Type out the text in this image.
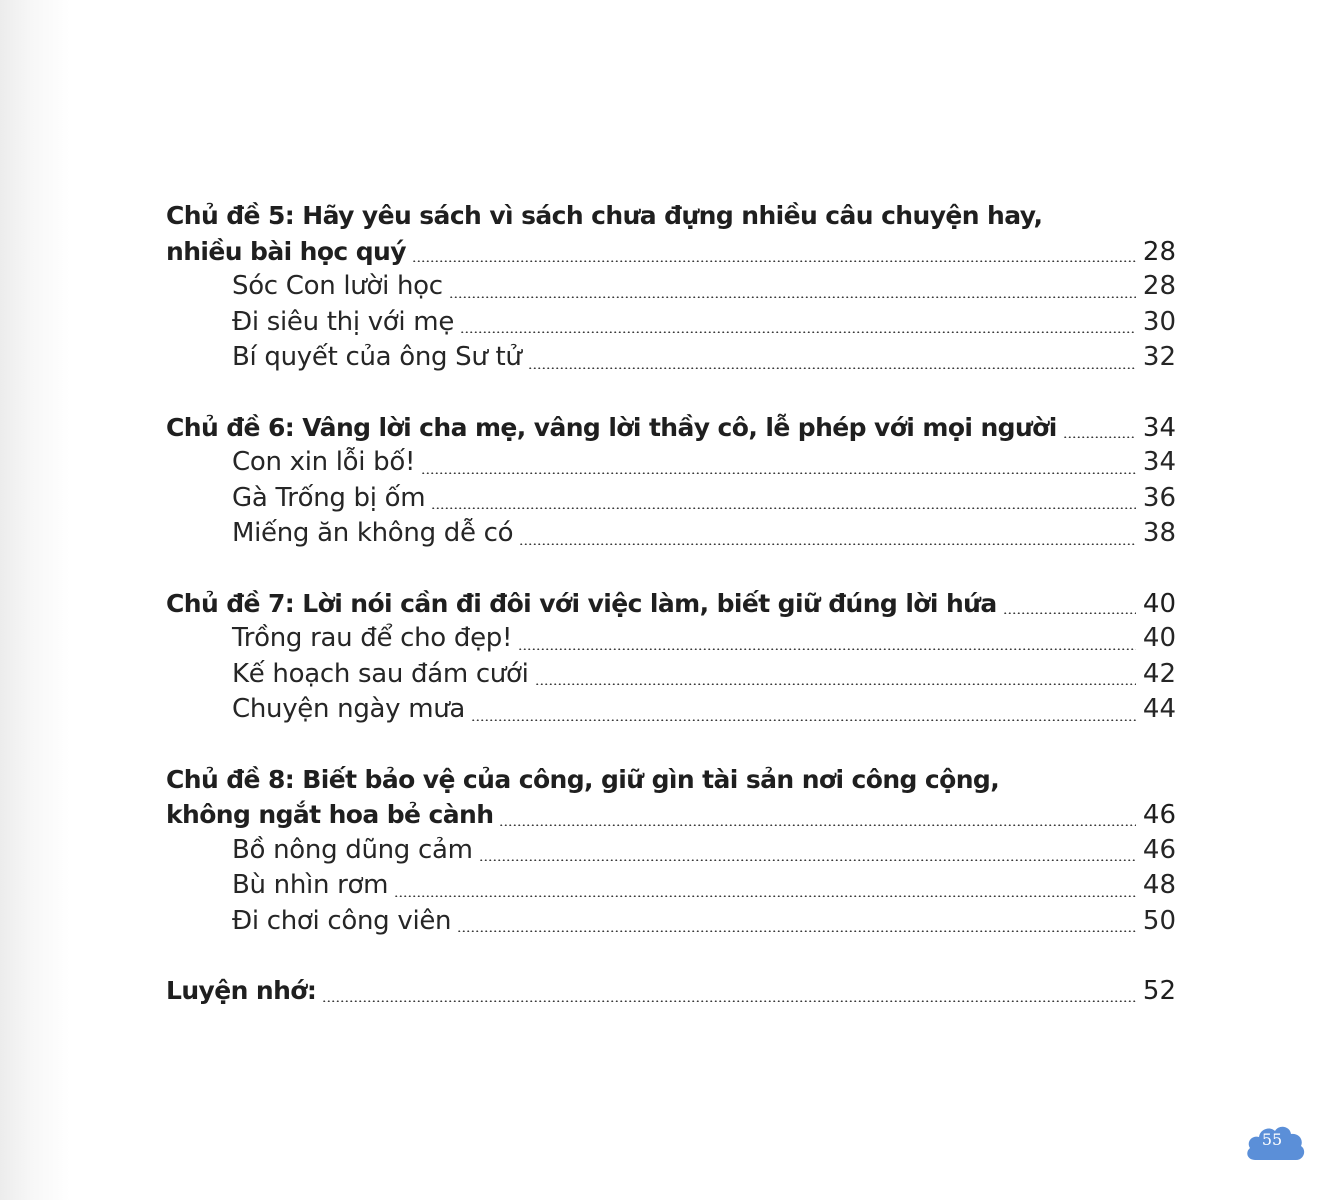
Chủ đề 5: Hãy yêu sách vì sách chưa đựng nhiều câu chuyện hay,
nhiều bài học quý	28
Sóc Con lười học	28
Đi siêu thị với mẹ	30
Bí quyết của ông Sư tử	32
Chủ đề 6: Vâng lời cha mẹ, vâng lời thầy cô, lễ phép với mọi người	34
Con xin lỗi bố!	34
Gà Trống bị ốm	36
Miếng ăn không dễ có	38
Chủ đề 7: Lời nói cần đi đôi với việc làm, biết giữ đúng lời hứa	40
Trồng rau để cho đẹp!	40
Kế hoạch sau đám cưới	42
Chuyện ngày mưa	44
Chủ đề 8: Biết bảo vệ của công, giữ gìn tài sản nơi công cộng,
không ngắt hoa bẻ cành	46
Bồ nông dũng cảm	46
Bù nhìn rơm	48
Đi chơi công viên	50
Luyện nhớ:	52
55
